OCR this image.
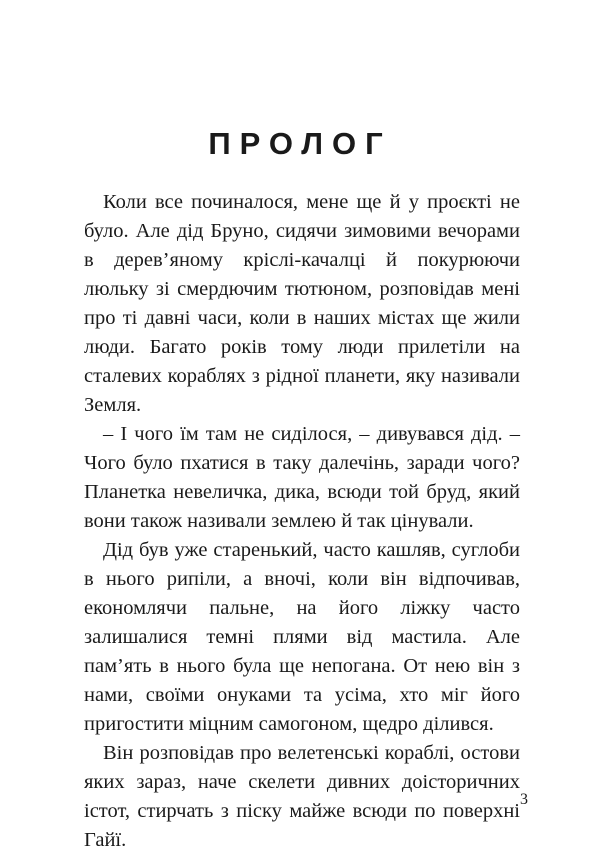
ПРОЛОГ

Коли все починалося, мене ще й у проєкті не було. Але дід Бруно, сидячи зимовими вечорами в дерев’яному кріслі-качалці й покурюючи люльку зі смердючим тютюном, розповідав мені про ті давні часи, коли в наших містах ще жили люди. Багато років тому люди прилетіли на сталевих кораблях з рідної планети, яку називали Земля.

– І чого їм там не сиділося, – дивувався дід. – Чого було пхатися в таку далечінь, заради чого? Планетка невеличка, дика, всюди той бруд, який вони також називали землею й так цінували.

Дід був уже старенький, часто кашляв, суглоби в нього рипіли, а вночі, коли він відпочивав, економлячи пальне, на його ліжку часто залишалися темні плями від мастила. Але пам’ять в нього була ще непогана. От нею він з нами, своїми онуками та усіма, хто міг його пригостити міцним самогоном, щедро ділився.

Він розповідав про велетенські кораблі, остови яких зараз, наче скелети дивних доісторичних істот, стирчать з піску майже всюди по поверхні Гайї.

3
